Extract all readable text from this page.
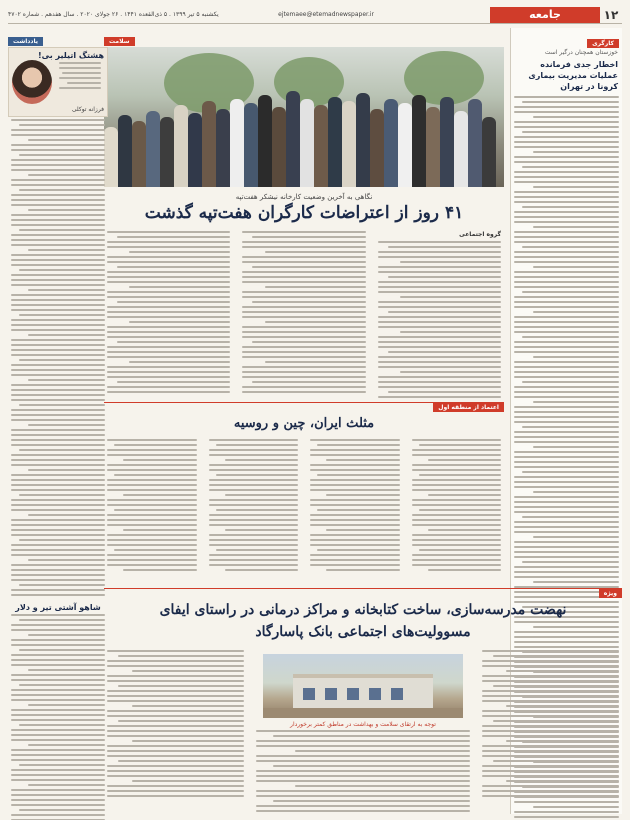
۱۲
جامعه
ejtemaee@etemadnewspaper.ir
یکشنبه ۵ تیر ۱۳۹۹ . ۵ ذی‌القعده ۱۴۴۱ . ۲۶ جولای ۲۰۲۰ . سال هفدهم . شماره ۴۷۰۲
کارگری
خوزستان همچنان درگیر است
اخطار جدی فرمانده عملیات مدیریت بیماری کرونا در تهران
سلامت
نگاهی به آخرین وضعیت کارخانه نیشکر هفت‌تپه
۴۱ روز از اعتراضات کارگران هفت‌تپه گذشت
گروه اجتماعی
اعتماد از منطقه اول
مثلث ایران، چین و روسیه
ویژه
نهضت مدرسه‌سازی، ساخت کتابخانه و مراکز درمانی در راستای ایفای
مسوولیت‌های اجتماعی بانک پاسارگاد
توجه به ارتقای سلامت و بهداشت در مناطق کمتر برخوردار
یادداشت
هشتگ اتیلیر بی!
فرزانه توکلی
شاهو آشتی تیر و دلار
